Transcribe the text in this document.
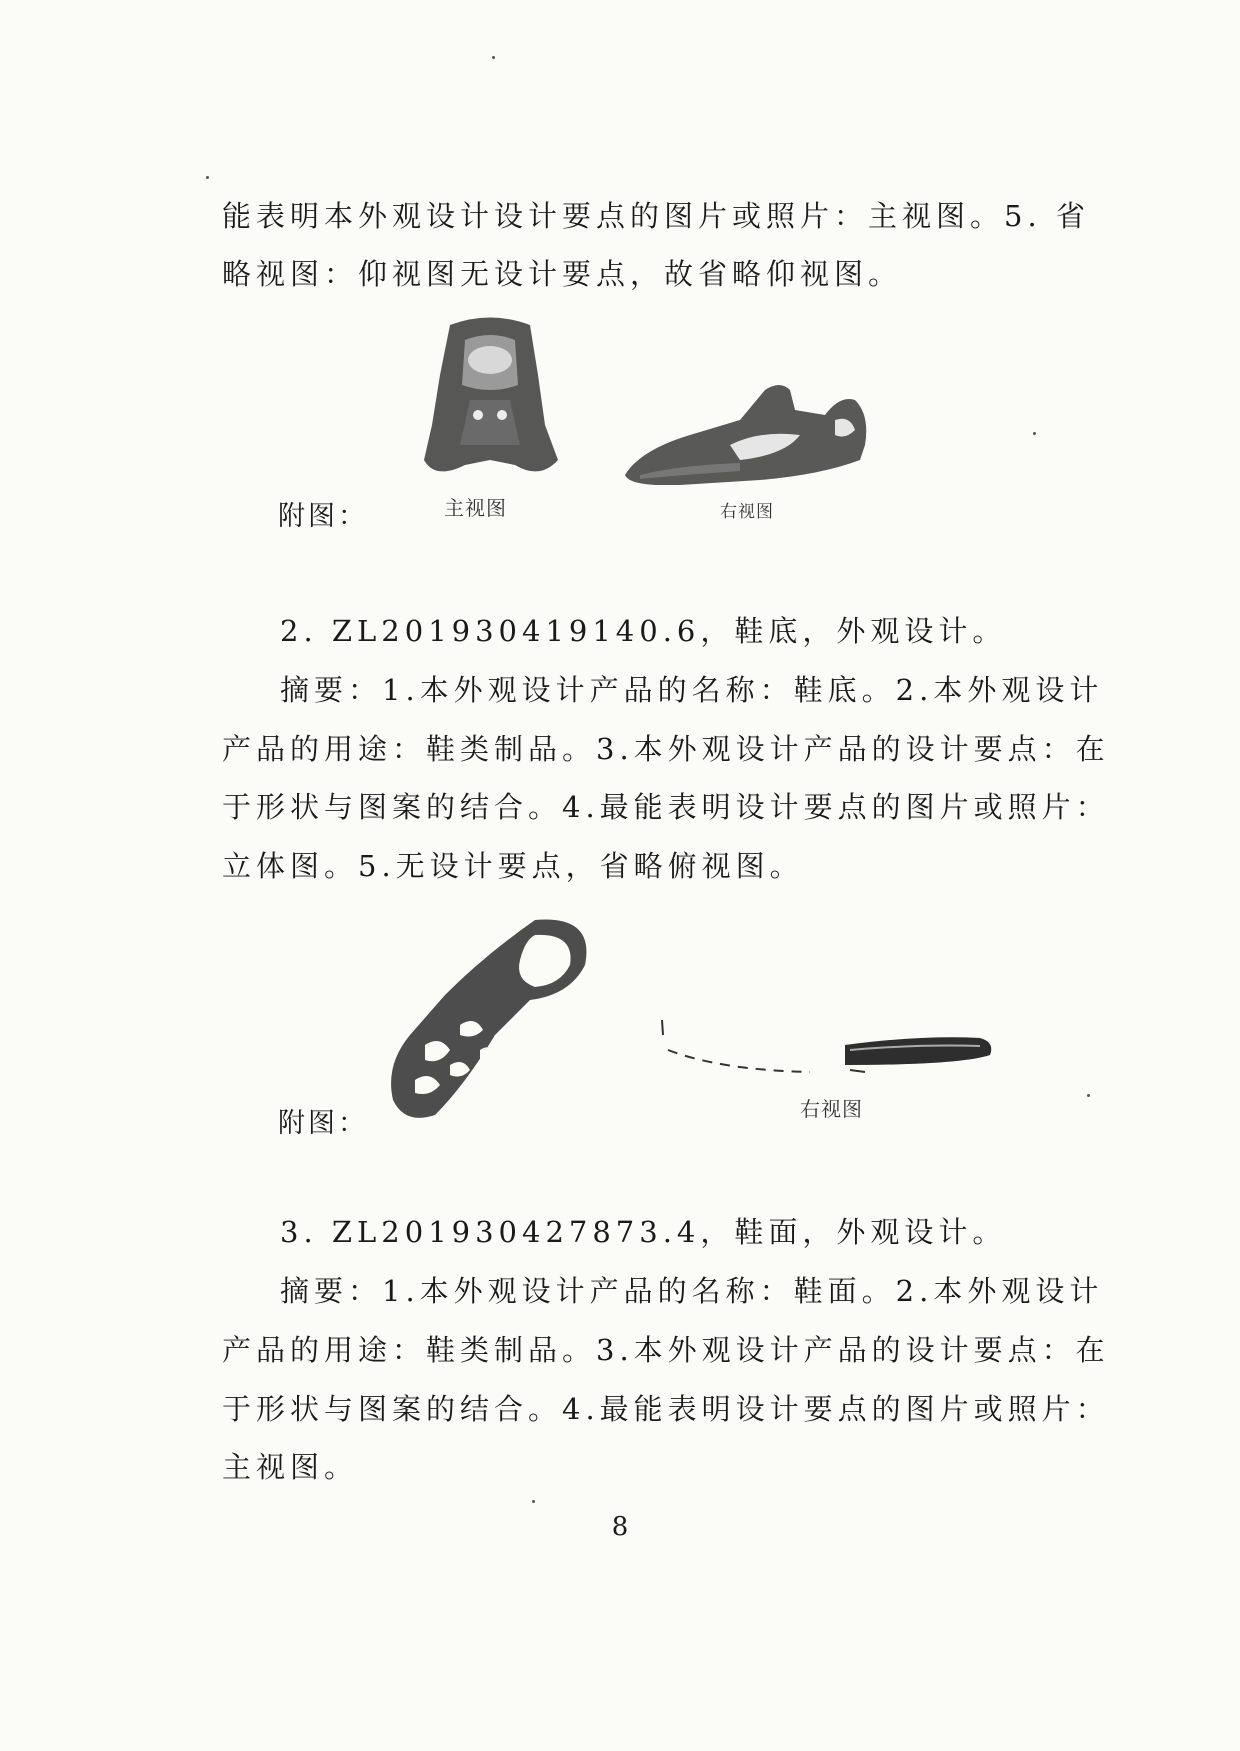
能表明本外观设计设计要点的图片或照片：主视图。5. 省
略视图：仰视图无设计要点，故省略仰视图。
附图：	主视图	右视图
2. ZL201930419140.6，鞋底，外观设计。
摘要：1.本外观设计产品的名称：鞋底。2.本外观设计
产品的用途：鞋类制品。3.本外观设计产品的设计要点：在
于形状与图案的结合。4.最能表明设计要点的图片或照片：
立体图。5.无设计要点，省略俯视图。
附图：	右视图
3. ZL201930427873.4，鞋面，外观设计。
摘要：1.本外观设计产品的名称：鞋面。2.本外观设计
产品的用途：鞋类制品。3.本外观设计产品的设计要点：在
于形状与图案的结合。4.最能表明设计要点的图片或照片：
主视图。
8
